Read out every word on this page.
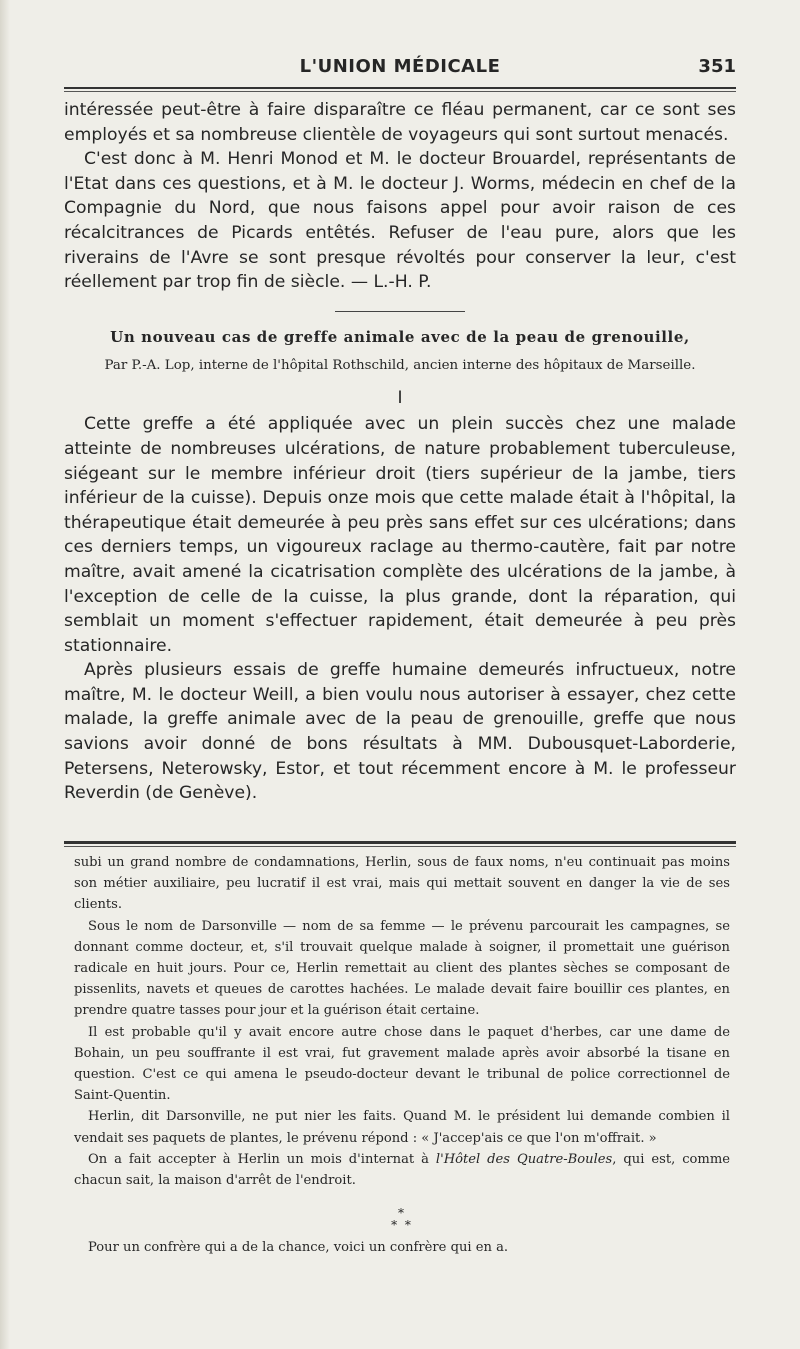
L'UNION MÉDICALE	351

intéressée peut-être à faire disparaître ce fléau permanent, car ce sont ses employés et sa nombreuse clientèle de voyageurs qui sont surtout menacés.

C'est donc à M. Henri Monod et M. le docteur Brouardel, représentants de l'Etat dans ces questions, et à M. le docteur J. Worms, médecin en chef de la Compagnie du Nord, que nous faisons appel pour avoir raison de ces récalcitrances de Picards entêtés. Refuser de l'eau pure, alors que les riverains de l'Avre se sont presque révoltés pour conserver la leur, c'est réellement par trop fin de siècle. — L.-H. P.

Un nouveau cas de greffe animale avec de la peau de grenouille,
Par P.-A. Lop, interne de l'hôpital Rothschild, ancien interne des hôpitaux de Marseille.
I

Cette greffe a été appliquée avec un plein succès chez une malade atteinte de nombreuses ulcérations, de nature probablement tuberculeuse, siégeant sur le membre inférieur droit (tiers supérieur de la jambe, tiers inférieur de la cuisse). Depuis onze mois que cette malade était à l'hôpital, la thérapeutique était demeurée à peu près sans effet sur ces ulcérations; dans ces derniers temps, un vigoureux raclage au thermo-cautère, fait par notre maître, avait amené la cicatrisation complète des ulcérations de la jambe, à l'exception de celle de la cuisse, la plus grande, dont la réparation, qui semblait un moment s'effectuer rapidement, était demeurée à peu près stationnaire.

Après plusieurs essais de greffe humaine demeurés infructueux, notre maître, M. le docteur Weill, a bien voulu nous autoriser à essayer, chez cette malade, la greffe animale avec de la peau de grenouille, greffe que nous savions avoir donné de bons résultats à MM. Dubousquet-Laborderie, Petersens, Neterowsky, Estor, et tout récemment encore à M. le professeur Reverdin (de Genève).

subi un grand nombre de condamnations, Herlin, sous de faux noms, n'eu continuait pas moins son métier auxiliaire, peu lucratif il est vrai, mais qui mettait souvent en danger la vie de ses clients.

Sous le nom de Darsonville — nom de sa femme — le prévenu parcourait les campagnes, se donnant comme docteur, et, s'il trouvait quelque malade à soigner, il promettait une guérison radicale en huit jours. Pour ce, Herlin remettait au client des plantes sèches se composant de pissenlits, navets et queues de carottes hachées. Le malade devait faire bouillir ces plantes, en prendre quatre tasses pour jour et la guérison était certaine.

Il est probable qu'il y avait encore autre chose dans le paquet d'herbes, car une dame de Bohain, un peu souffrante il est vrai, fut gravement malade après avoir absorbé la tisane en question. C'est ce qui amena le pseudo-docteur devant le tribunal de police correctionnel de Saint-Quentin.

Herlin, dit Darsonville, ne put nier les faits. Quand M. le président lui demande combien il vendait ses paquets de plantes, le prévenu répond : « J'accep'ais ce que l'on m'offrait. »

On a fait accepter à Herlin un mois d'internat à l'Hôtel des Quatre-Boules, qui est, comme chacun sait, la maison d'arrêt de l'endroit.

*
* *

Pour un confrère qui a de la chance, voici un confrère qui en a.
